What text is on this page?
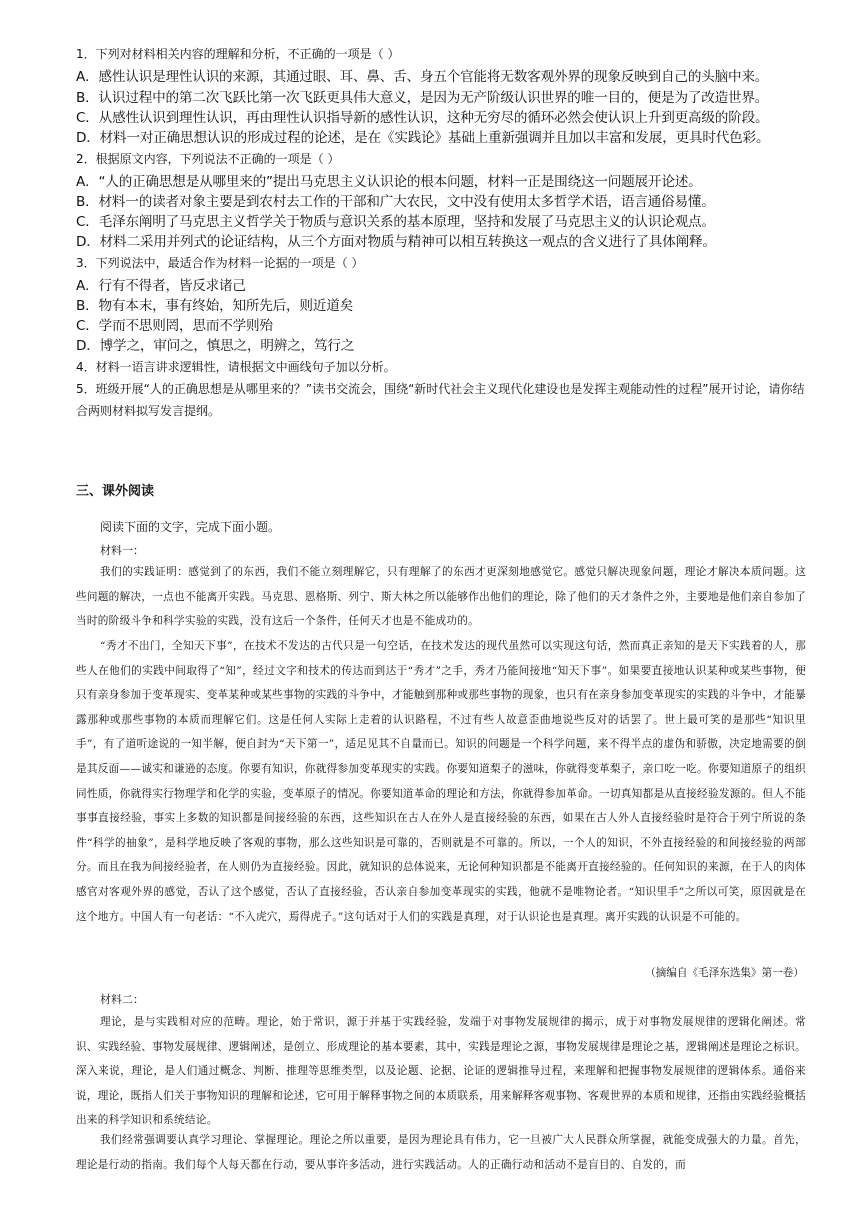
1．下列对材料相关内容的理解和分析，不正确的一项是（ ）
A．感性认识是理性认识的来源，其通过眼、耳、鼻、舌、身五个官能将无数客观外界的现象反映到自己的头脑中来。
B．认识过程中的第二次飞跃比第一次飞跃更具伟大意义，是因为无产阶级认识世界的唯一目的，便是为了改造世界。
C．从感性认识到理性认识，再由理性认识指导新的感性认识，这种无穷尽的循环必然会使认识上升到更高级的阶段。
D．材料一对正确思想认识的形成过程的论述，是在《实践论》基础上重新强调并且加以丰富和发展，更具时代色彩。
2．根据原文内容，下列说法不正确的一项是（ ）
A．“人的正确思想是从哪里来的”提出马克思主义认识论的根本问题，材料一正是围绕这一问题展开论述。
B．材料一的读者对象主要是到农村去工作的干部和广大农民，文中没有使用太多哲学术语，语言通俗易懂。
C．毛泽东阐明了马克思主义哲学关于物质与意识关系的基本原理，坚持和发展了马克思主义的认识论观点。
D．材料二采用并列式的论证结构，从三个方面对物质与精神可以相互转换这一观点的含义进行了具体阐释。
3．下列说法中，最适合作为材料一论据的一项是（ ）
A．行有不得者，皆反求诸己
B．物有本末，事有终始，知所先后，则近道矣
C．学而不思则罔，思而不学则殆
D．博学之，审问之，慎思之，明辨之，笃行之
4．材料一语言讲求逻辑性，请根据文中画线句子加以分析。
5．班级开展“人的正确思想是从哪里来的？”读书交流会，围绕“新时代社会主义现代化建设也是发挥主观能动性的过程”展开讨论，请你结合两则材料拟写发言提纲。
三、课外阅读
阅读下面的文字，完成下面小题。
材料一：
我们的实践证明：感觉到了的东西，我们不能立刻理解它，只有理解了的东西才更深刻地感觉它。感觉只解决现象问题，理论才解决本质问题。这些问题的解决，一点也不能离开实践。马克思、恩格斯、列宁、斯大林之所以能够作出他们的理论，除了他们的天才条件之外，主要地是他们亲自参加了当时的阶级斗争和科学实验的实践，没有这后一个条件，任何天才也是不能成功的。
“秀才不出门，全知天下事”，在技术不发达的古代只是一句空话，在技术发达的现代虽然可以实现这句话，然而真正亲知的是天下实践着的人，那些人在他们的实践中间取得了“知”，经过文字和技术的传达而到达于“秀才”之手，秀才乃能间接地“知天下事”。如果要直接地认识某种或某些事物，便只有亲身参加于变革现实、变革某种或某些事物的实践的斗争中，才能触到那种或那些事物的现象，也只有在亲身参加变革现实的实践的斗争中，才能暴露那种或那些事物的本质而理解它们。这是任何人实际上走着的认识路程，不过有些人故意歪曲地说些反对的话罢了。世上最可笑的是那些“知识里手”，有了道听途说的一知半解，便自封为“天下第一”，适足见其不自量而已。知识的问题是一个科学问题，来不得半点的虚伪和骄傲，决定地需要的倒是其反面——诚实和谦逊的态度。你要有知识，你就得参加变革现实的实践。你要知道梨子的滋味，你就得变革梨子，亲口吃一吃。你要知道原子的组织同性质，你就得实行物理学和化学的实验，变革原子的情况。你要知道革命的理论和方法，你就得参加革命。一切真知都是从直接经验发源的。但人不能事事直接经验，事实上多数的知识都是间接经验的东西，这些知识在古人在外人是直接经验的东西，如果在古人外人直接经验时是符合于列宁所说的条件“科学的抽象”，是科学地反映了客观的事物，那么这些知识是可靠的，否则就是不可靠的。所以，一个人的知识，不外直接经验的和间接经验的两部分。而且在我为间接经验者，在人则仍为直接经验。因此，就知识的总体说来，无论何种知识都是不能离开直接经验的。任何知识的来源，在于人的肉体感官对客观外界的感觉，否认了这个感觉，否认了直接经验，否认亲自参加变革现实的实践，他就不是唯物论者。“知识里手”之所以可笑，原因就是在这个地方。中国人有一句老话：“不入虎穴，焉得虎子。”这句话对于人们的实践是真理，对于认识论也是真理。离开实践的认识是不可能的。
（摘编自《毛泽东选集》第一卷）
材料二：
理论，是与实践相对应的范畴。理论，始于常识，源于并基于实践经验，发端于对事物发展规律的揭示，成于对事物发展规律的逻辑化阐述。常识、实践经验、事物发展规律、逻辑阐述，是创立、形成理论的基本要素，其中，实践是理论之源，事物发展规律是理论之基，逻辑阐述是理论之标识。深入来说，理论，是人们通过概念、判断、推理等思维类型，以及论题、论据、论证的逻辑推导过程，来理解和把握事物发展规律的逻辑体系。通俗来说，理论，既指人们关于事物知识的理解和论述，它可用于解释事物之间的本质联系，用来解释客观事物、客观世界的本质和规律，还指由实践经验概括出来的科学知识和系统结论。
我们经常强调要认真学习理论、掌握理论。理论之所以重要，是因为理论具有伟力，它一旦被广大人民群众所掌握，就能变成强大的力量。首先，理论是行动的指南。我们每个人每天都在行动，要从事许多活动，进行实践活动。人的正确行动和活动不是盲目的、自发的，而
